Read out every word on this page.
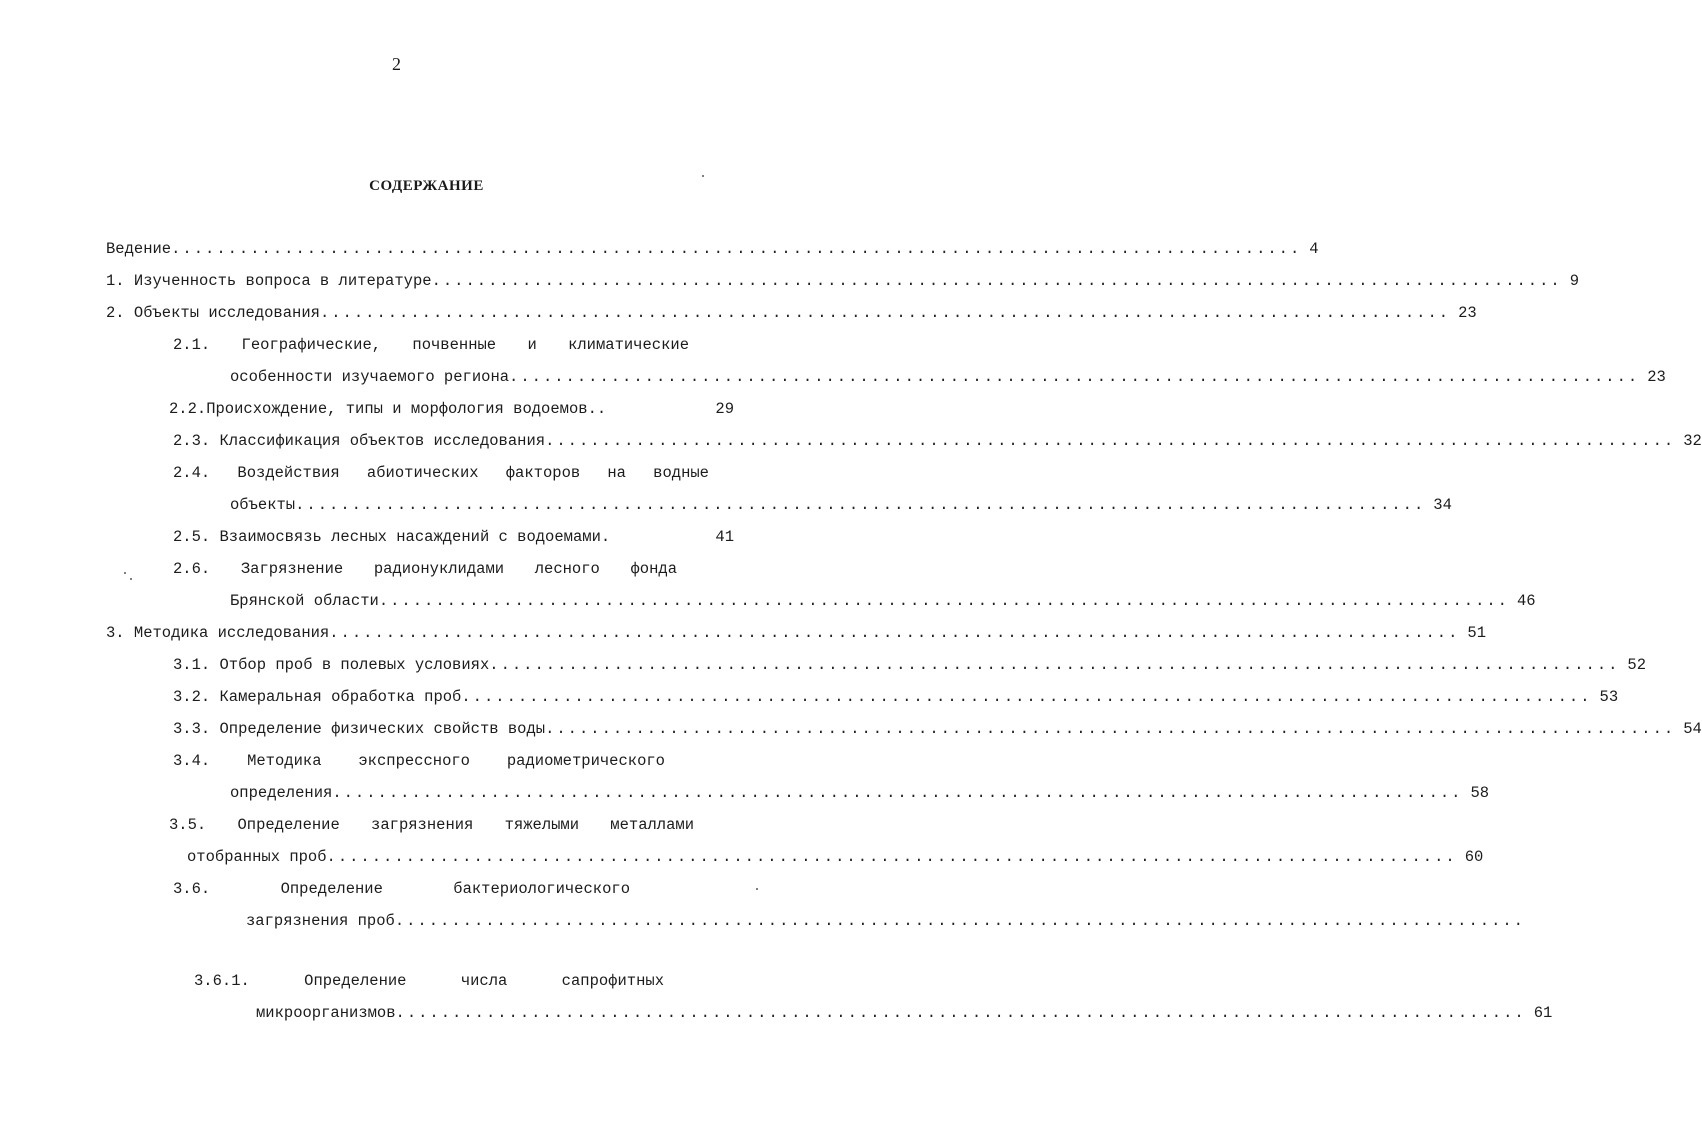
2
СОДЕРЖАНИЕ
Ведение .................................................................................................... 4
1. Изученность вопроса в литературе .................................................................................................... 9
2. Объекты исследования .................................................................................................... 23
2.1. Географические, почвенные и климатические
особенности изучаемого региона .................................................................................................... 23
2.2.Происхождение, типы и морфология водоемов..	29
2.3. Классификация объектов исследования .................................................................................................... 32
2.4. Воздействия абиотических факторов на водные
объекты .................................................................................................... 34
2.5. Взаимосвязь лесных насаждений с водоемами.	41
2.6. Загрязнение радионуклидами лесного фонда
Брянской области .................................................................................................... 46
3. Методика исследования .................................................................................................... 51
3.1. Отбор проб в полевых условиях .................................................................................................... 52
3.2. Камеральная обработка проб .................................................................................................... 53
3.3. Определение физических свойств воды .................................................................................................... 54
3.4. Методика экспрессного радиометрического
определения .................................................................................................... 58
3.5. Определение загрязнения тяжелыми металлами
отобранных проб .................................................................................................... 60
3.6. Определение бактериологического
загрязнения проб ....................................................................................................
3.6.1. Определение числа сапрофитных
микроорганизмов .................................................................................................... 61
